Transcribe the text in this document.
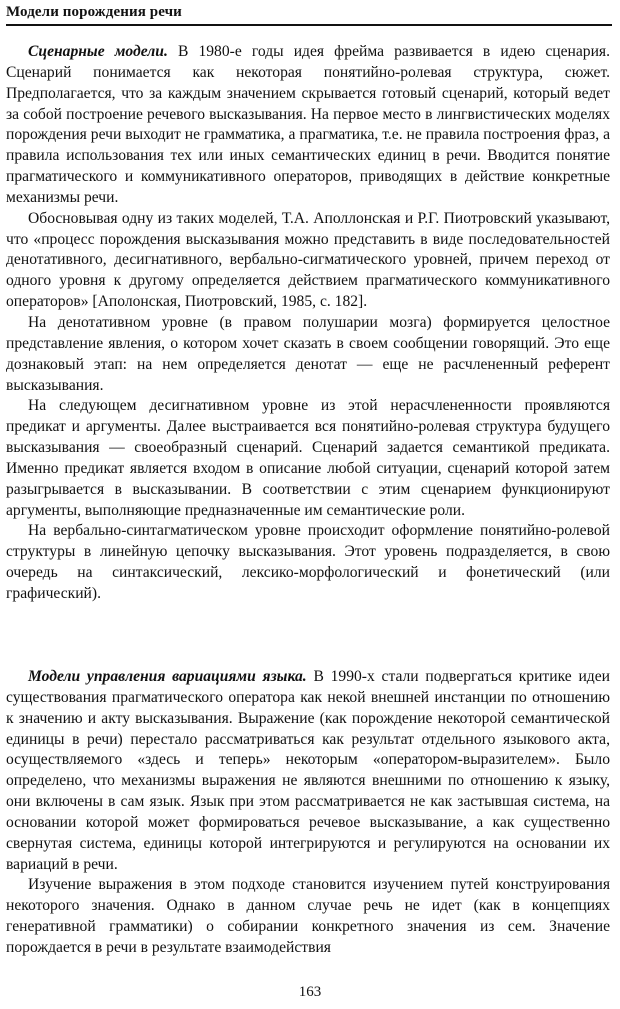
Модели порождения речи

Сценарные модели. В 1980-е годы идея фрейма развивается в идею сценария. Сценарий понимается как некоторая понятийно-ролевая структура, сюжет. Предполагается, что за каждым значением скрывается готовый сценарий, который ведет за собой построение речевого высказывания. На первое место в лингвистических моделях порождения речи выходит не грамматика, а прагматика, т.е. не правила построения фраз, а правила использования тех или иных семантических единиц в речи. Вводится понятие прагматического и коммуникативного операторов, приводящих в действие конкретные механизмы речи.

Обосновывая одну из таких моделей, Т.А. Аполлонская и Р.Г. Пиотровский указывают, что «процесс порождения высказывания можно представить в виде последовательностей денотативного, десигнативного, вербально-сигматического уровней, причем переход от одного уровня к другому определяется действием прагматического коммуникативного операторов» [Аполонская, Пиотровский, 1985, с. 182].

На денотативном уровне (в правом полушарии мозга) формируется целостное представление явления, о котором хочет сказать в своем сообщении говорящий. Это еще дознаковый этап: на нем определяется денотат — еще не расчлененный референт высказывания.

На следующем десигнативном уровне из этой нерасчлененности проявляются предикат и аргументы. Далее выстраивается вся понятийно-ролевая структура будущего высказывания — своеобразный сценарий. Сценарий задается семантикой предиката. Именно предикат является входом в описание любой ситуации, сценарий которой затем разыгрывается в высказывании. В соответствии с этим сценарием функционируют аргументы, выполняющие предназначенные им семантические роли.

На вербально-синтагматическом уровне происходит оформление понятийно-ролевой структуры в линейную цепочку высказывания. Этот уровень подразделяется, в свою очередь на синтаксический, лексико-морфологический и фонетический (или графический).

Модели управления вариациями языка. В 1990-х стали подвергаться критике идеи существования прагматического оператора как некой внешней инстанции по отношению к значению и акту высказывания. Выражение (как порождение некоторой семантической единицы в речи) перестало рассматриваться как результат отдельного языкового акта, осуществляемого «здесь и теперь» некоторым «оператором-выразителем». Было определено, что механизмы выражения не являются внешними по отношению к языку, они включены в сам язык. Язык при этом рассматривается не как застывшая система, на основании которой может формироваться речевое высказывание, а как существенно свернутая система, единицы которой интегрируются и регулируются на основании их вариаций в речи.

Изучение выражения в этом подходе становится изучением путей конструирования некоторого значения. Однако в данном случае речь не идет (как в концепциях генеративной грамматики) о собирании конкретного значения из сем. Значение порождается в речи в результате взаимодействия

163
